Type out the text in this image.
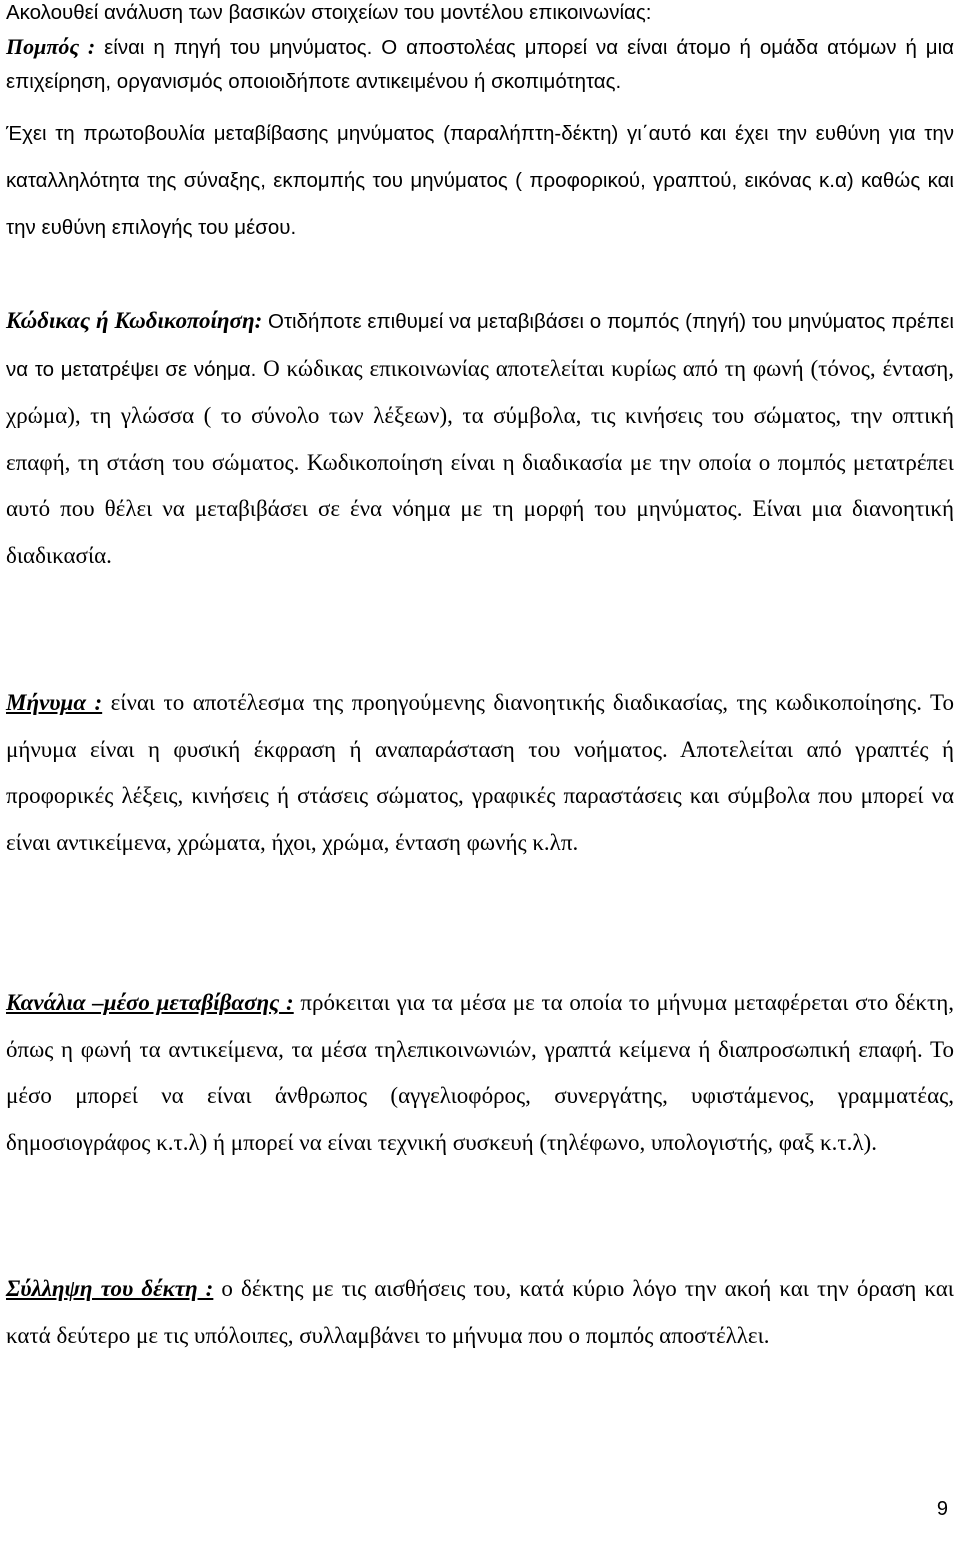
Ακολουθεί ανάλυση των βασικών στοιχείων του μοντέλου επικοινωνίας:
Πομπός : είναι η πηγή του μηνύματος. Ο αποστολέας μπορεί να είναι άτομο ή ομάδα ατόμων ή μια επιχείρηση, οργανισμός οποιοιδήποτε αντικειμένου ή σκοπιμότητας.

Έχει τη πρωτοβουλία μεταβίβασης μηνύματος (παραλήπτη-δέκτη) γι΄αυτό και έχει την ευθύνη για την καταλληλότητα της σύναξης, εκπομπής του μηνύματος ( προφορικού, γραπτού, εικόνας κ.α) καθώς και την ευθύνη επιλογής του μέσου.

Κώδικας ή Κωδικοποίηση: Οτιδήποτε επιθυμεί να μεταβιβάσει ο πομπός (πηγή) του μηνύματος πρέπει να το μετατρέψει σε νόημα. Ο κώδικας επικοινωνίας αποτελείται κυρίως από τη φωνή (τόνος, ένταση, χρώμα), τη γλώσσα ( το σύνολο των λέξεων), τα σύμβολα, τις κινήσεις του σώματος, την οπτική επαφή, τη στάση του σώματος. Κωδικοποίηση είναι η διαδικασία με την οποία ο πομπός μετατρέπει αυτό που θέλει να μεταβιβάσει σε ένα νόημα με τη μορφή του μηνύματος. Είναι μια διανοητική διαδικασία.

Μήνυμα : είναι το αποτέλεσμα της προηγούμενης διανοητικής διαδικασίας, της κωδικοποίησης. Το μήνυμα είναι η φυσική έκφραση ή αναπαράσταση του νοήματος. Αποτελείται από γραπτές ή προφορικές λέξεις, κινήσεις ή στάσεις σώματος, γραφικές παραστάσεις και σύμβολα που μπορεί να είναι αντικείμενα, χρώματα, ήχοι, χρώμα, ένταση φωνής κ.λπ.

Κανάλια –μέσο μεταβίβασης : πρόκειται για τα μέσα με τα οποία το μήνυμα μεταφέρεται στο δέκτη, όπως η φωνή τα αντικείμενα, τα μέσα τηλεπικοινωνιών, γραπτά κείμενα ή διαπροσωπική επαφή. Το μέσο μπορεί να είναι άνθρωπος (αγγελιοφόρος, συνεργάτης, υφιστάμενος, γραμματέας, δημοσιογράφος κ.τ.λ) ή μπορεί να είναι τεχνική συσκευή (τηλέφωνο, υπολογιστής, φαξ κ.τ.λ).

Σύλληψη του δέκτη : ο δέκτης με τις αισθήσεις του, κατά κύριο λόγο την ακοή και την όραση και κατά δεύτερο με τις υπόλοιπες, συλλαμβάνει το μήνυμα που ο πομπός αποστέλλει.

9
